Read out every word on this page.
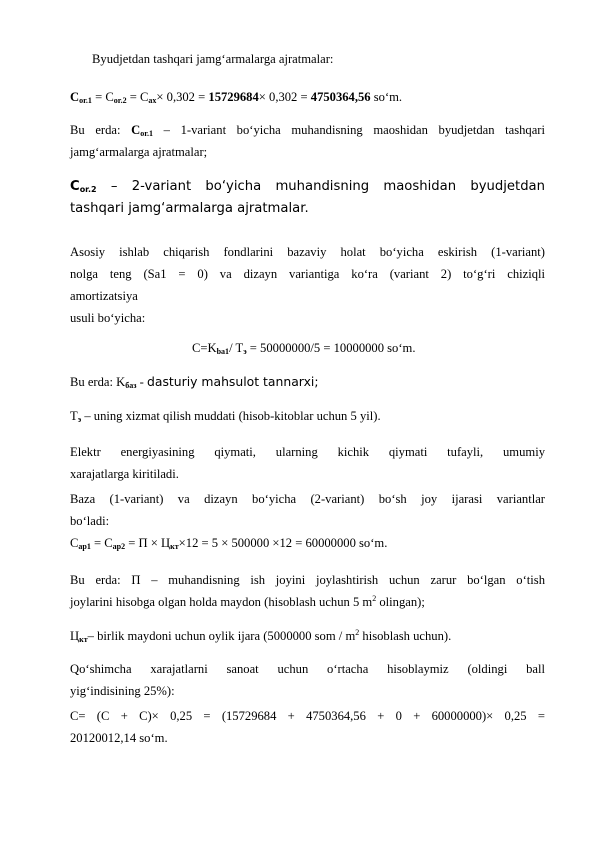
Byudjetdan tashqari jamg‘armalarga ajratmalar:
$C_{or.1} = C_{or.2} = C_{ax}\times 0,302 = 15729684\times 0,302 = 4750364,56$ so‘m.
Bu erda: $C_{or.1}$ – 1-variant bo‘yicha muhandisning maoshidan byudjetdan tashqari jamg‘armalarga ajratmalar;
$C_{or.2}$ – 2-variant bo‘yicha muhandisning maoshidan byudjetdan
tashqari jamg‘armalarga ajratmalar.
Asosiy ishlab chiqarish fondlarini bazaviy holat bo‘yicha eskirish (1-variant)
nolga teng (Sa1 = 0) va dizayn variantiga ko‘ra (variant 2) to‘g‘ri chiziqli
amortizatsiya
usuli bo‘yicha:
$C=K_{ba1}/$ $T_э = 50000000/5 = 10000000$ so‘m.
Bu erda: $K_{баз}$ - dasturiy mahsulot tannarxi;
$T_э$ – uning xizmat qilish muddati (hisob-kitoblar uchun 5 yil).
Elektr energiyasining qiymati, ularning kichik qiymati tufayli, umumiy
xarajatlarga kiritiladi.
Baza (1-variant) va dizayn bo‘yicha (2-variant) bo‘sh joy ijarasi variantlar
bo‘ladi:
$C_{ap1} = C_{ap2} = П \times Ц_{кт}\times 12 = 5 \times 500000 \times 12 = 60000000$ so‘m.
Bu erda: П – muhandisning ish joyini joylashtirish uchun zarur bo‘lgan o‘tish
joylarini hisobga olgan holda maydon (hisoblash uchun 5 $m^2$ olingan);
$Ц_{кт}-$ birlik maydoni uchun oylik ijara (5000000 som / $m^2$ hisoblash uchun).
Qo‘shimcha xarajatlarni sanoat uchun o‘rtacha hisoblaymiz (oldingi ball
yig‘indisining 25%):
C= (C + C)× 0,25 = (15729684 + 4750364,56 + 0 + 60000000)× 0,25 =
20120012,14 so‘m.
